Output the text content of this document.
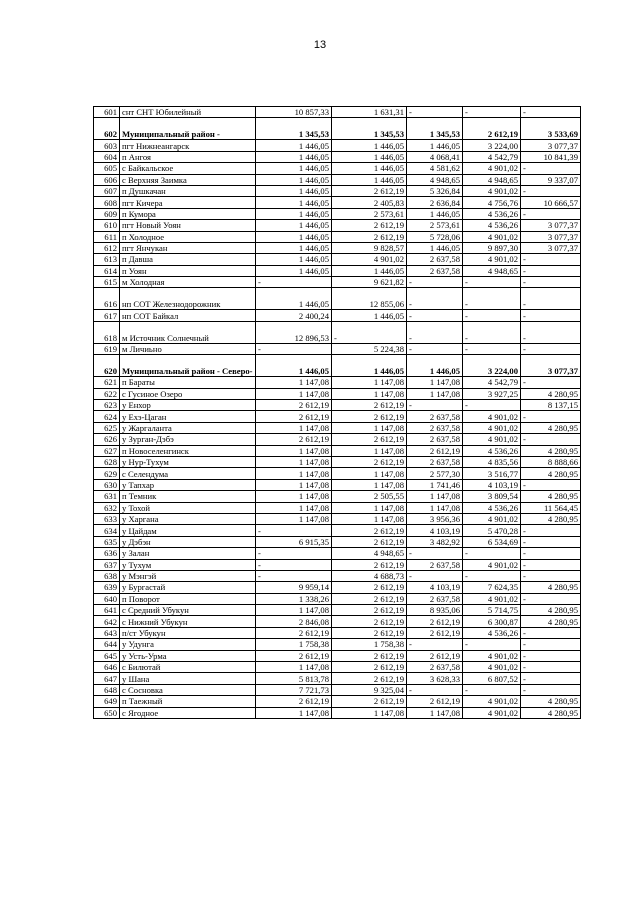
13
601	снт СНТ Юбилейный	10 857,33	1 631,31	-	-	-
602	Муниципальный район -	1 345,53	1 345,53	1 345,53	2 612,19	3 533,69
603	пгт Нижнеангарск	1 446,05	1 446,05	1 446,05	3 224,00	3 077,37
604	п Ангоя	1 446,05	1 446,05	4 068,41	4 542,79	10 841,39
605	с Байкальское	1 446,05	1 446,05	4 581,62	4 901,02	-
606	с Верхняя Заимка	1 446,05	1 446,05	4 948,65	4 948,65	9 337,07
607	п Душкачан	1 446,05	2 612,19	5 326,84	4 901,02	-
608	пгт Кичера	1 446,05	2 405,83	2 636,84	4 756,76	10 666,57
609	п Кумора	1 446,05	2 573,61	1 446,05	4 536,26	-
610	пгт Новый Уоян	1 446,05	2 612,19	2 573,61	4 536,26	3 077,37
611	п Холодное	1 446,05	2 612,19	5 728,06	4 901,02	3 077,37
612	пгт Янчукан	1 446,05	9 828,57	1 446,05	9 897,30	3 077,37
613	п Давша	1 446,05	4 901,02	2 637,58	4 901,02	-
614	п Уоян	1 446,05	1 446,05	2 637,58	4 948,65	-
615	м Холодная	-	9 621,82	-	-	-
616	нп СОТ Железнодорожник	1 446,05	12 855,06	-	-	-
617	нп СОТ Байкал	2 400,24	1 446,05	-	-	-
618	м Источник Солнечный	12 896,53	-	-	-	-
619	м Личиьно	-	5 224,38	-	-	-
620	Муниципальный район - Северо-	1 446,05	1 446,05	1 446,05	3 224,00	3 077,37
621	п Бараты	1 147,08	1 147,08	1 147,08	4 542,79	-
622	с Гусиное Озеро	1 147,08	1 147,08	1 147,08	3 927,25	4 280,95
623	у Енхор	2 612,19	2 612,19	-	-	8 137,15
624	у Ехэ-Цаган	2 612,19	2 612,19	2 637,58	4 901,02	-
625	у Жаргаланта	1 147,08	1 147,08	2 637,58	4 901,02	4 280,95
626	у Зурган-Дэбэ	2 612,19	2 612,19	2 637,58	4 901,02	-
627	п Новоселенгинск	1 147,08	1 147,08	2 612,19	4 536,26	4 280,95
628	у Нур-Тухум	1 147,08	2 612,19	2 637,58	4 835,56	8 888,66
629	с Селендума	1 147,08	1 147,08	2 577,30	3 516,77	4 280,95
630	у Тапхар	1 147,08	1 147,08	1 741,46	4 103,19	-
631	п Темник	1 147,08	2 505,55	1 147,08	3 809,54	4 280,95
632	у Тохой	1 147,08	1 147,08	1 147,08	4 536,26	11 564,45
633	у Харгана	1 147,08	1 147,08	3 956,36	4 901,02	4 280,95
634	у Цайдам	-	2 612,19	4 103,19	5 470,28	-
635	у Дэбэн	6 915,35	2 612,19	3 482,92	6 534,69	-
636	у Залан	-	4 948,65	-	-	-
637	у Тухум	-	2 612,19	2 637,58	4 901,02	-
638	у Мэнгэй	-	4 688,73	-	-	-
639	у Бургастай	9 959,14	2 612,19	4 103,19	7 624,35	4 280,95
640	п Поворот	1 338,26	2 612,19	2 637,58	4 901,02	-
641	с Средний Убукун	1 147,08	2 612,19	8 935,06	5 714,75	4 280,95
642	с Нижний Убукун	2 846,08	2 612,19	2 612,19	6 300,87	4 280,95
643	п/ст Убукун	2 612,19	2 612,19	2 612,19	4 536,26	-
644	у Удунга	1 758,38	1 758,38	-	-	-
645	у Усть-Урма	2 612,19	2 612,19	2 612,19	4 901,02	-
646	с Билютай	1 147,08	2 612,19	2 637,58	4 901,02	-
647	у Шана	5 813,78	2 612,19	3 628,33	6 807,52	-
648	с Сосновка	7 721,73	9 325,04	-	-	-
649	п Таежный	2 612,19	2 612,19	2 612,19	4 901,02	4 280,95
650	с Ягодное	1 147,08	1 147,08	1 147,08	4 901,02	4 280,95
